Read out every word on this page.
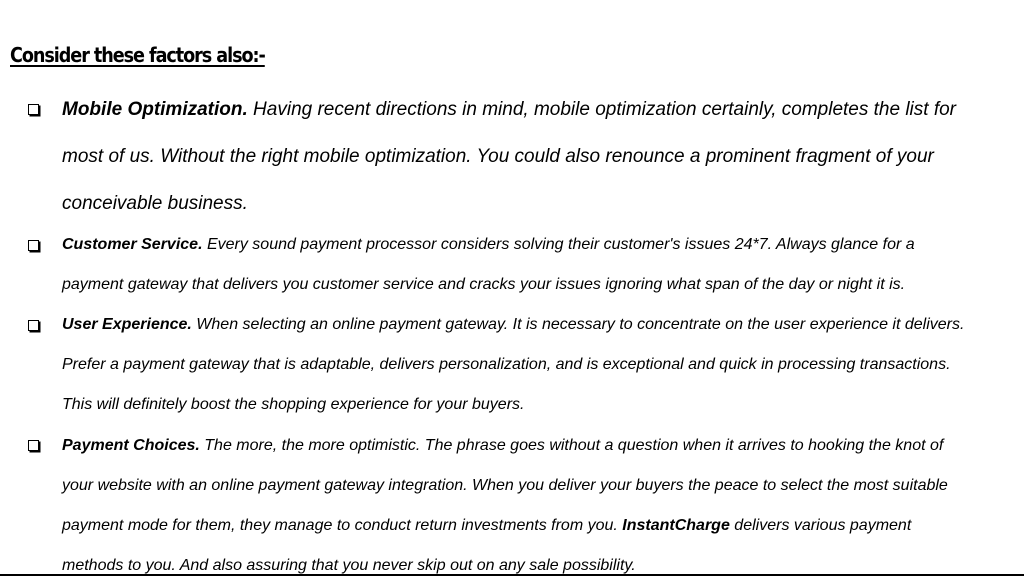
Consider these factors also:-
Mobile Optimization. Having recent directions in mind, mobile optimization certainly, completes the list for
most of us. Without the right mobile optimization. You could also renounce a prominent fragment of your
conceivable business.
Customer Service. Every sound payment processor considers solving their customer's issues 24*7. Always glance for a
payment gateway that delivers you customer service and cracks your issues ignoring what span of the day or night it is.
User Experience. When selecting an online payment gateway. It is necessary to concentrate on the user experience it delivers.
Prefer a payment gateway that is adaptable, delivers personalization, and is exceptional and quick in processing transactions.
This will definitely boost the shopping experience for your buyers.
Payment Choices. The more, the more optimistic. The phrase goes without a question when it arrives to hooking the knot of
your website with an online payment gateway integration. When you deliver your buyers the peace to select the most suitable
payment mode for them, they manage to conduct return investments from you. InstantCharge delivers various payment
methods to you. And also assuring that you never skip out on any sale possibility.
